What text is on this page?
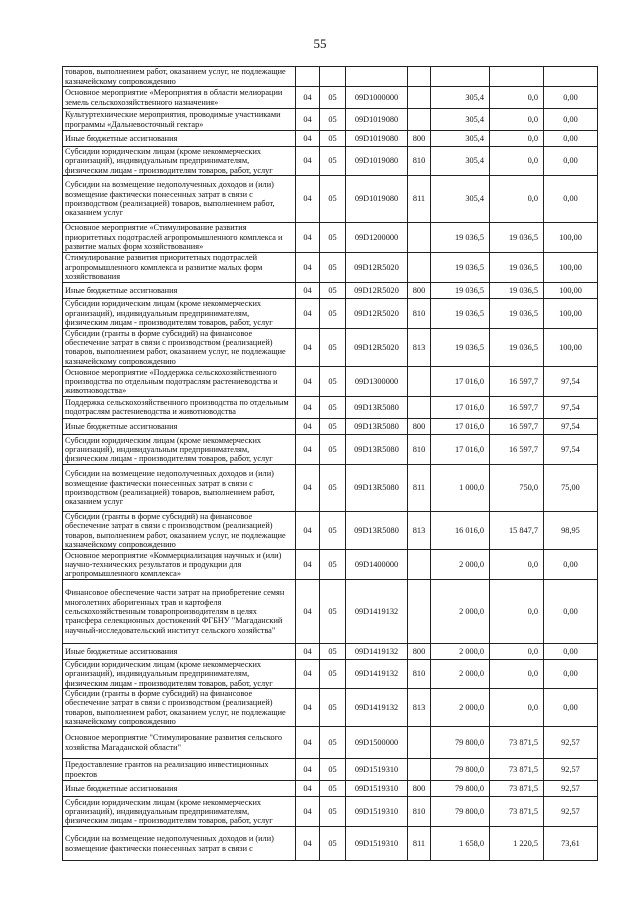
55
товаров, выполнением работ, оказанием услуг, не подлежащие казначейскому сопровождению							
Основное мероприятие «Мероприятия в области мелиорации земель сельскохозяйственного назначения»	04	05	09D1000000		305,4	0,0	0,00
Культуртехнические мероприятия, проводимые участниками программы «Дальневосточный гектар»	04	05	09D1019080		305,4	0,0	0,00
Иные бюджетные ассигнования	04	05	09D1019080	800	305,4	0,0	0,00
Субсидии юридическим лицам (кроме некоммерческих организаций), индивидуальным предпринимателям, физическим лицам - производителям товаров, работ, услуг	04	05	09D1019080	810	305,4	0,0	0,00
Субсидии на возмещение недополученных доходов и (или) возмещение фактически понесенных затрат в связи с производством (реализацией) товаров, выполнением работ, оказанием услуг	04	05	09D1019080	811	305,4	0,0	0,00
Основное мероприятие «Стимулирование развития приоритетных подотраслей агропромышленного комплекса и развитие малых форм хозяйствования»	04	05	09D1200000		19 036,5	19 036,5	100,00
Стимулирование развития приоритетных подотраслей агропромышленного комплекса и развитие малых форм хозяйствования	04	05	09D12R5020		19 036,5	19 036,5	100,00
Иные бюджетные ассигнования	04	05	09D12R5020	800	19 036,5	19 036,5	100,00
Субсидии юридическим лицам (кроме некоммерческих организаций), индивидуальным предпринимателям, физическим лицам - производителям товаров, работ, услуг	04	05	09D12R5020	810	19 036,5	19 036,5	100,00
Субсидии (гранты в форме субсидий) на финансовое обеспечение затрат в связи с производством (реализацией) товаров, выполнением работ, оказанием услуг, не подлежащие казначейскому сопровождению	04	05	09D12R5020	813	19 036,5	19 036,5	100,00
Основное мероприятие «Поддержка сельскохозяйственного производства по отдельным подотраслям растениеводства и животноводства»	04	05	09D1300000		17 016,0	16 597,7	97,54
Поддержка сельскохозяйственного производства по отдельным подотраслям растениеводства и животноводства	04	05	09D13R5080		17 016,0	16 597,7	97,54
Иные бюджетные ассигнования	04	05	09D13R5080	800	17 016,0	16 597,7	97,54
Субсидии юридическим лицам (кроме некоммерческих организаций), индивидуальным предпринимателям, физическим лицам - производителям товаров, работ, услуг	04	05	09D13R5080	810	17 016,0	16 597,7	97,54
Субсидии на возмещение недополученных доходов и (или) возмещение фактически понесенных затрат в связи с производством (реализацией) товаров, выполнением работ, оказанием услуг	04	05	09D13R5080	811	1 000,0	750,0	75,00
Субсидии (гранты в форме субсидий) на финансовое обеспечение затрат в связи с производством (реализацией) товаров, выполнением работ, оказанием услуг, не подлежащие казначейскому сопровождению	04	05	09D13R5080	813	16 016,0	15 847,7	98,95
Основное мероприятие «Коммерциализация научных и (или) научно-технических результатов и продукции для агропромышленного комплекса»	04	05	09D1400000		2 000,0	0,0	0,00
Финансовое обеспечение части затрат на приобретение семян многолетних аборигенных трав и картофеля сельскохозяйственным товаропроизводителям в целях трансфера селекционных достижений ФГБНУ "Магаданский научный-исследовательский институт сельского хозяйства"	04	05	09D1419132		2 000,0	0,0	0,00
Иные бюджетные ассигнования	04	05	09D1419132	800	2 000,0	0,0	0,00
Субсидии юридическим лицам (кроме некоммерческих организаций), индивидуальным предпринимателям, физическим лицам - производителям товаров, работ, услуг	04	05	09D1419132	810	2 000,0	0,0	0,00
Субсидии (гранты в форме субсидий) на финансовое обеспечение затрат в связи с производством (реализацией) товаров, выполнением работ, оказанием услуг, не подлежащие казначейскому сопровождению	04	05	09D1419132	813	2 000,0	0,0	0,00
Основное мероприятие "Стимулирование развития сельского хозяйства Магаданской области"	04	05	09D1500000		79 800,0	73 871,5	92,57
Предоставление грантов на реализацию инвестиционных проектов	04	05	09D1519310		79 800,0	73 871,5	92,57
Иные бюджетные ассигнования	04	05	09D1519310	800	79 800,0	73 871,5	92,57
Субсидии юридическим лицам (кроме некоммерческих организаций), индивидуальным предпринимателям, физическим лицам - производителям товаров, работ, услуг	04	05	09D1519310	810	79 800,0	73 871,5	92,57
Субсидии на возмещение недополученных доходов и (или) возмещение фактически понесенных затрат в связи с	04	05	09D1519310	811	1 658,0	1 220,5	73,61
